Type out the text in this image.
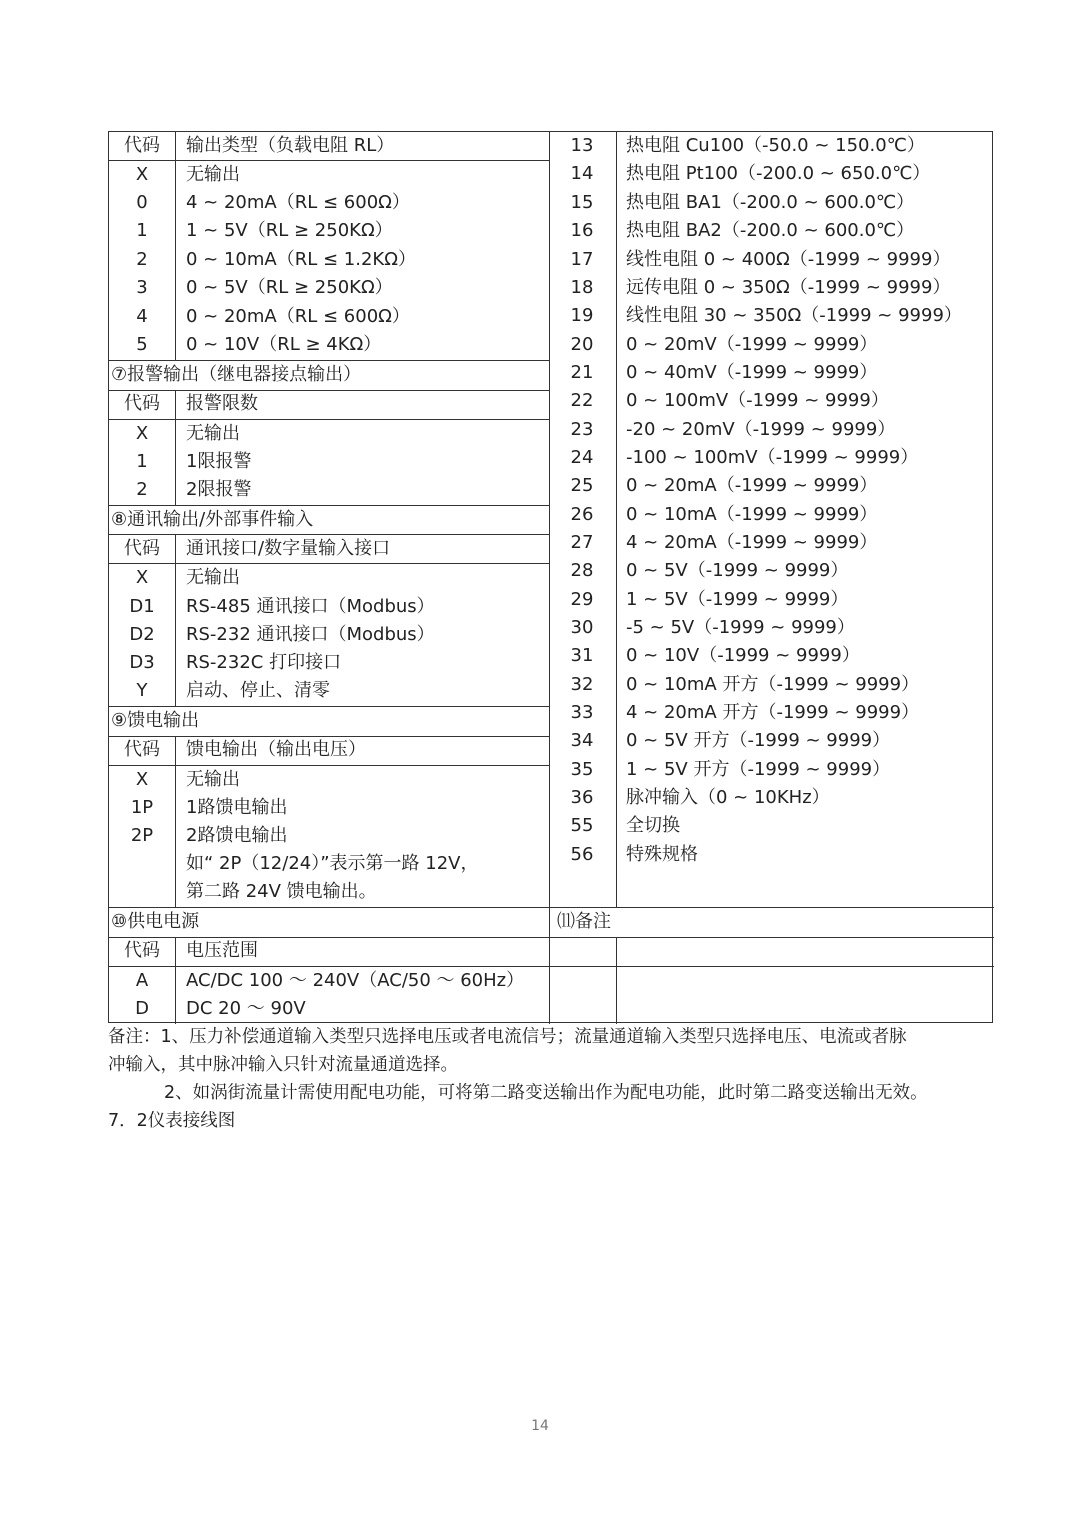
代码	输出类型（负载电阻 RL）
X	无输出
0	4 ~ 20mA（RL ≤ 600Ω）
1	1 ~ 5V（RL ≥ 250KΩ）
2	0 ~ 10mA（RL ≤ 1.2KΩ）
3	0 ~ 5V（RL ≥ 250KΩ）
4	0 ~ 20mA（RL ≤ 600Ω）
5	0 ~ 10V（RL ≥ 4KΩ）
⑦报警输出（继电器接点输出）
代码	报警限数
X	无输出
1	1限报警
2	2限报警
⑧通讯输出/外部事件输入
代码	通讯接口/数字量输入接口
X	无输出
D1	RS-485 通讯接口（Modbus）
D2	RS-232 通讯接口（Modbus）
D3	RS-232C 打印接口
Y	启动、停止、清零
⑨馈电输出
代码	馈电输出（输出电压）
X	无输出
1P	1路馈电输出
2P	2路馈电输出
如“ 2P（12/24）”表示第一路 12V，
第二路 24V 馈电输出。
⑩供电电源
代码	电压范围
A	AC/DC 100 ～ 240V（AC/50 ～ 60Hz）
D	DC 20 ～ 90V
13	热电阻 Cu100（-50.0 ~ 150.0℃）
14	热电阻 Pt100（-200.0 ~ 650.0℃）
15	热电阻 BA1（-200.0 ~ 600.0℃）
16	热电阻 BA2（-200.0 ~ 600.0℃）
17	线性电阻 0 ~ 400Ω（-1999 ~ 9999）
18	远传电阻 0 ~ 350Ω（-1999 ~ 9999）
19	线性电阻 30 ~ 350Ω（-1999 ~ 9999）
20	0 ~ 20mV（-1999 ~ 9999）
21	0 ~ 40mV（-1999 ~ 9999）
22	0 ~ 100mV（-1999 ~ 9999）
23	-20 ~ 20mV（-1999 ~ 9999）
24	-100 ~ 100mV（-1999 ~ 9999）
25	0 ~ 20mA（-1999 ~ 9999）
26	0 ~ 10mA（-1999 ~ 9999）
27	4 ~ 20mA（-1999 ~ 9999）
28	0 ~ 5V（-1999 ~ 9999）
29	1 ~ 5V（-1999 ~ 9999）
30	-5 ~ 5V（-1999 ~ 9999）
31	0 ~ 10V（-1999 ~ 9999）
32	0 ~ 10mA 开方（-1999 ~ 9999）
33	4 ~ 20mA 开方（-1999 ~ 9999）
34	0 ~ 5V 开方（-1999 ~ 9999）
35	1 ~ 5V 开方（-1999 ~ 9999）
36	脉冲输入（0 ~ 10KHz）
55	全切换
56	特殊规格
⑾备注
备注：1、压力补偿通道输入类型只选择电压或者电流信号；流量通道输入类型只选择电压、电流或者脉
冲输入，其中脉冲输入只针对流量通道选择。
2、如涡街流量计需使用配电功能，可将第二路变送输出作为配电功能，此时第二路变送输出无效。
7．2仪表接线图
14
